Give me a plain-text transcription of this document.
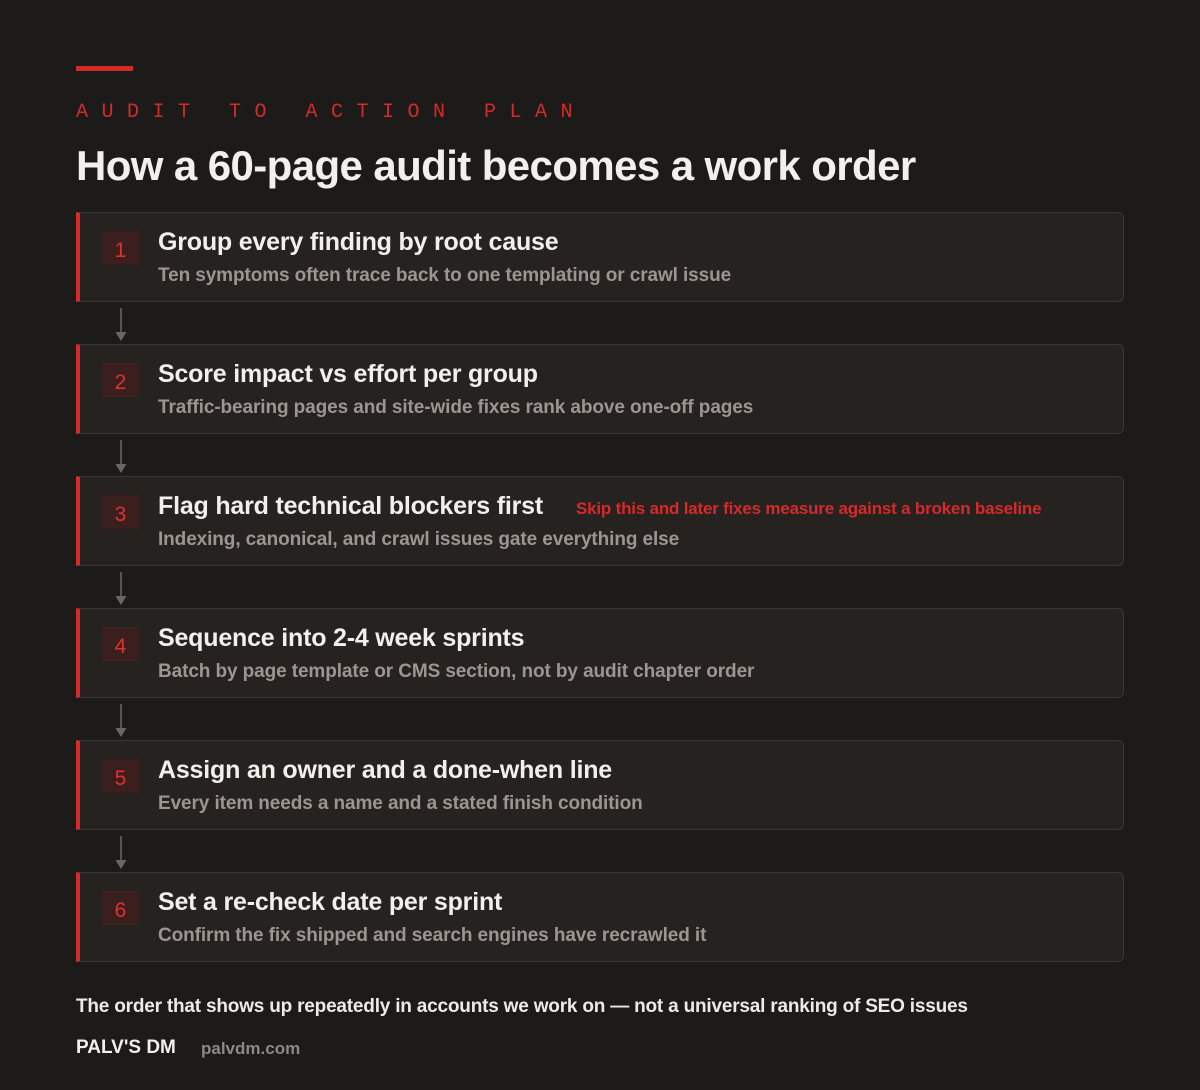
AUDIT TO ACTION PLAN
How a 60-page audit becomes a work order
1	Group every finding by root cause
Ten symptoms often trace back to one templating or crawl issue
2	Score impact vs effort per group
Traffic-bearing pages and site-wide fixes rank above one-off pages
3	Flag hard technical blockers first Skip this and later fixes measure against a broken baseline
Indexing, canonical, and crawl issues gate everything else
4	Sequence into 2-4 week sprints
Batch by page template or CMS section, not by audit chapter order
5	Assign an owner and a done-when line
Every item needs a name and a stated finish condition
6	Set a re-check date per sprint
Confirm the fix shipped and search engines have recrawled it
The order that shows up repeatedly in accounts we work on — not a universal ranking of SEO issues
PALV'S DM palvdm.com
